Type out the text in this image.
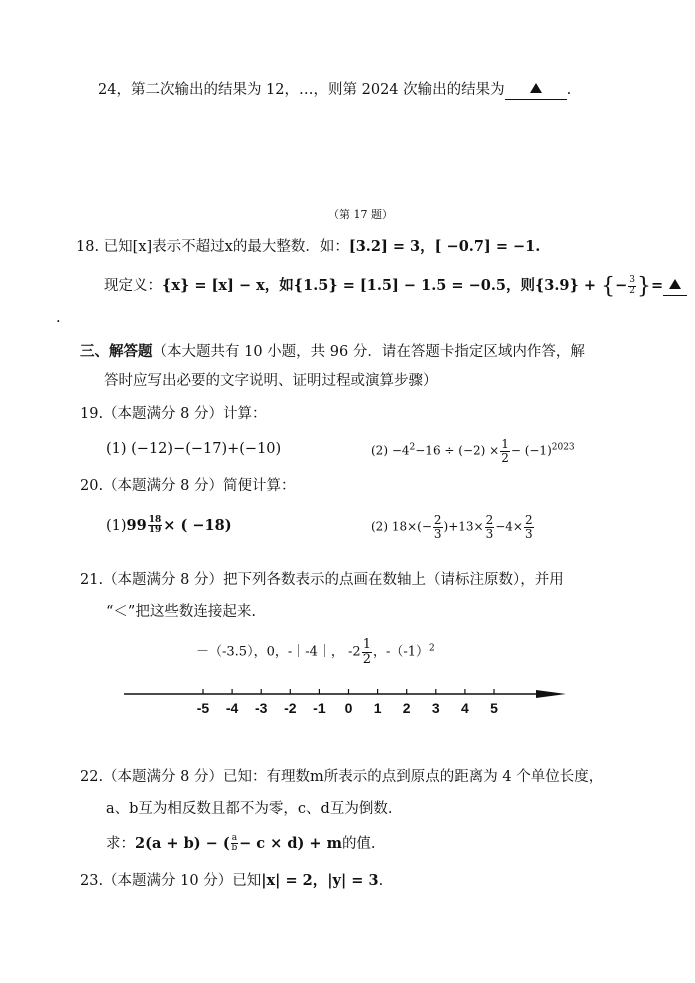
24，第二次输出的结果为 12，…，则第 2024 次输出的结果为	.
（第 17 题）
18. 已知[x]表示不超过x的最大整数．如：[3.2] = 3，[ −0.7] = −1.
现定义：{x} = [x] − x，如{1.5} = [1.5] − 1.5 = −0.5，则{3.9} + {− $\frac{3}{2}$ }=
.
三、解答题（本大题共有 10 小题，共 96 分．请在答题卡指定区域内作答，解
答时应写出必要的文字说明、证明过程或演算步骤）
19.（本题满分 8 分）计算：
(1) (−12)−(−17)+(−10)	$(2) -4^2-16 \div (-2) \times \frac{1}{2} - (-1)^{2023}$
20.（本题满分 8 分）简便计算：
$(1)99 \frac{18}{19}$ × ( −18)	(2) $18\times(- \frac{2}{3} )+13\times \frac{2}{3} -4\times \frac{2}{3}$
21.（本题满分 8 分）把下列各数表示的点画在数轴上（请标注原数），并用
“＜”把这些数连接起来.
－（-3.5），0，-｜-4｜， $-2 \frac{1}{2}$ ，$-(-1)^2$
-5 -4 -3 -2 -1 0 1 2 3 4 5
22.（本题满分 8 分）已知：有理数m所表示的点到原点的距离为 4 个单位长度，
a、b互为相反数且都不为零，c、d互为倒数.
求：2(a + b) − ( $\frac{a}{b} - c \times d) + m$的值.
23.（本题满分 10 分）已知|x| = 2，|y| = 3.
